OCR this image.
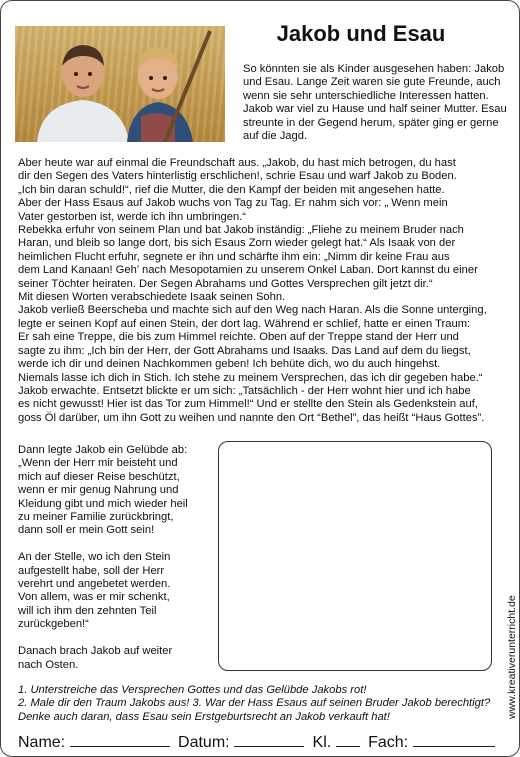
Jakob und Esau
So könnten sie als Kinder ausgesehen haben: Jakob und Esau. Lange Zeit waren sie gute Freunde, auch wenn sie sehr unterschiedliche Interessen hatten. Jakob war viel zu Hause und half seiner Mutter. Esau streunte in der Gegend herum, später ging er gerne auf die Jagd.
Aber heute war auf einmal die Freundschaft aus. „Jakob, du hast mich betrogen, du hast
dir den Segen des Vaters hinterlistig erschlichen!, schrie Esau und warf Jakob zu Boden.
„Ich bin daran schuld!“, rief die Mutter, die den Kampf der beiden mit angesehen hatte.
Aber der Hass Esaus auf Jakob wuchs von Tag zu Tag. Er nahm sich vor: „ Wenn mein
Vater gestorben ist, werde ich ihn umbringen.“
Rebekka erfuhr von seinem Plan und bat Jakob inständig: „Fliehe zu meinem Bruder nach
Haran, und bleib so lange dort, bis sich Esaus Zorn wieder gelegt hat.“ Als Isaak von der
heimlichen Flucht erfuhr, segnete er ihn und schärfte ihm ein: „Nimm dir keine Frau aus
dem Land Kanaan! Geh’ nach Mesopotamien zu unserem Onkel Laban. Dort kannst du einer
seiner Töchter heiraten. Der Segen Abrahams und Gottes Versprechen gilt jetzt dir.“
Mit diesen Worten verabschiedete Isaak seinen Sohn.
Jakob verließ Beerscheba und machte sich auf den Weg nach Haran. Als die Sonne unterging,
legte er seinen Kopf auf einen Stein, der dort lag. Während er schlief, hatte er einen Traum:
Er sah eine Treppe, die bis zum Himmel reichte. Oben auf der Treppe stand der Herr und
sagte zu ihm: „Ich bin der Herr, der Gott Abrahams und Isaaks. Das Land auf dem du liegst,
werde ich dir und deinen Nachkommen geben! Ich behüte dich, wo du auch hingehst.
Niemals lasse ich dich in Stich. Ich stehe zu meinem Versprechen, das ich dir gegeben habe.“
Jakob erwachte. Entsetzt blickte er um sich: „Tatsächlich - der Herr wohnt hier und ich habe
es nicht gewusst! Hier ist das Tor zum Himmel!“ Und er stellte den Stein als Gedenkstein auf,
goss Öl darüber, um ihn Gott zu weihen und nannte den Ort “Bethel”, das heißt “Haus Gottes”.
Dann legte Jakob ein Gelübde ab:
„Wenn der Herr mir beisteht und
mich auf dieser Reise beschützt,
wenn er mir genug Nahrung und
Kleidung gibt und mich wieder heil
zu meiner Familie zurückbringt,
dann soll er mein Gott sein!

An der Stelle, wo ich den Stein
aufgestellt habe, soll der Herr
verehrt und angebetet werden.
Von allem, was er mir schenkt,
will ich ihm den zehnten Teil
zurückgeben!“

Danach brach Jakob auf weiter
nach Osten.

1. Unterstreiche das Versprechen Gottes und das Gelübde Jakobs rot!

2. Male dir den Traum Jakobs aus! 3. War der Hass Esaus auf seinen Bruder Jakob berechtigt? Denke auch daran, dass Esau sein Erstgeburtsrecht an Jakob verkauft hat!

Name:	Datum:	Kl. Fach:
www.kreativerunterricht.de
